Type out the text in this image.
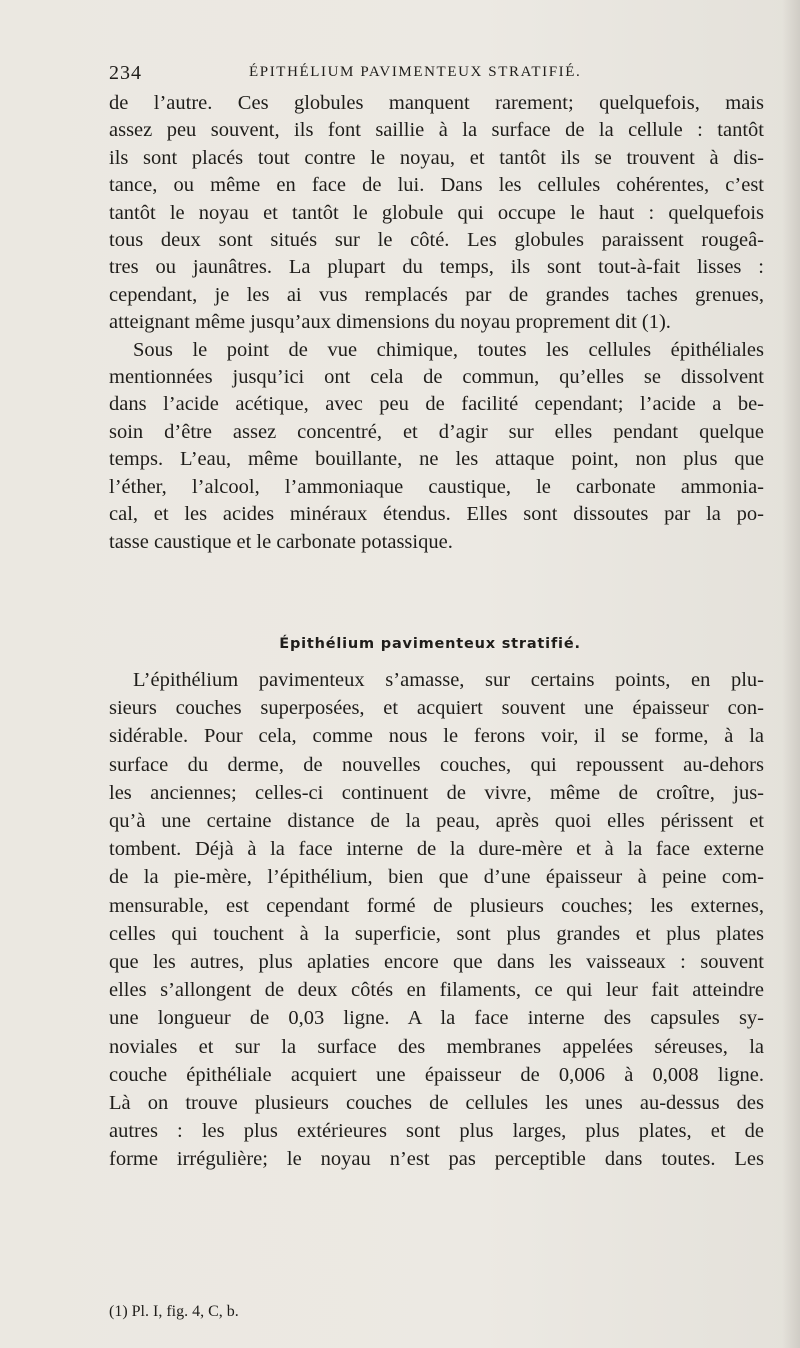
234	ÉPITHÉLIUM PAVIMENTEUX STRATIFIÉ.

de l’autre. Ces globules manquent rarement; quelquefois, mais

assez peu souvent, ils font saillie à la surface de la cellule : tantôt

ils sont placés tout contre le noyau, et tantôt ils se trouvent à dis-

tance, ou même en face de lui. Dans les cellules cohérentes, c’est

tantôt le noyau et tantôt le globule qui occupe le haut : quelquefois

tous deux sont situés sur le côté. Les globules paraissent rougeâ-

tres ou jaunâtres. La plupart du temps, ils sont tout-à-fait lisses :

cependant, je les ai vus remplacés par de grandes taches grenues,

atteignant même jusqu’aux dimensions du noyau proprement dit (1).

Sous le point de vue chimique, toutes les cellules épithéliales

mentionnées jusqu’ici ont cela de commun, qu’elles se dissolvent

dans l’acide acétique, avec peu de facilité cependant; l’acide a be-

soin d’être assez concentré, et d’agir sur elles pendant quelque

temps. L’eau, même bouillante, ne les attaque point, non plus que

l’éther, l’alcool, l’ammoniaque caustique, le carbonate ammonia-

cal, et les acides minéraux étendus. Elles sont dissoutes par la po-

tasse caustique et le carbonate potassique.

Épithélium pavimenteux stratifié.

L’épithélium pavimenteux s’amasse, sur certains points, en plu-

sieurs couches superposées, et acquiert souvent une épaisseur con-

sidérable. Pour cela, comme nous le ferons voir, il se forme, à la

surface du derme, de nouvelles couches, qui repoussent au-dehors

les anciennes; celles-ci continuent de vivre, même de croître, jus-

qu’à une certaine distance de la peau, après quoi elles périssent et

tombent. Déjà à la face interne de la dure-mère et à la face externe

de la pie-mère, l’épithélium, bien que d’une épaisseur à peine com-

mensurable, est cependant formé de plusieurs couches; les externes,

celles qui touchent à la superficie, sont plus grandes et plus plates

que les autres, plus aplaties encore que dans les vaisseaux : souvent

elles s’allongent de deux côtés en filaments, ce qui leur fait atteindre

une longueur de 0,03 ligne. A la face interne des capsules sy-

noviales et sur la surface des membranes appelées séreuses, la

couche épithéliale acquiert une épaisseur de 0,006 à 0,008 ligne.

Là on trouve plusieurs couches de cellules les unes au-dessus des

autres : les plus extérieures sont plus larges, plus plates, et de

forme irrégulière; le noyau n’est pas perceptible dans toutes. Les

(1) Pl. I, fig. 4, C, b.
